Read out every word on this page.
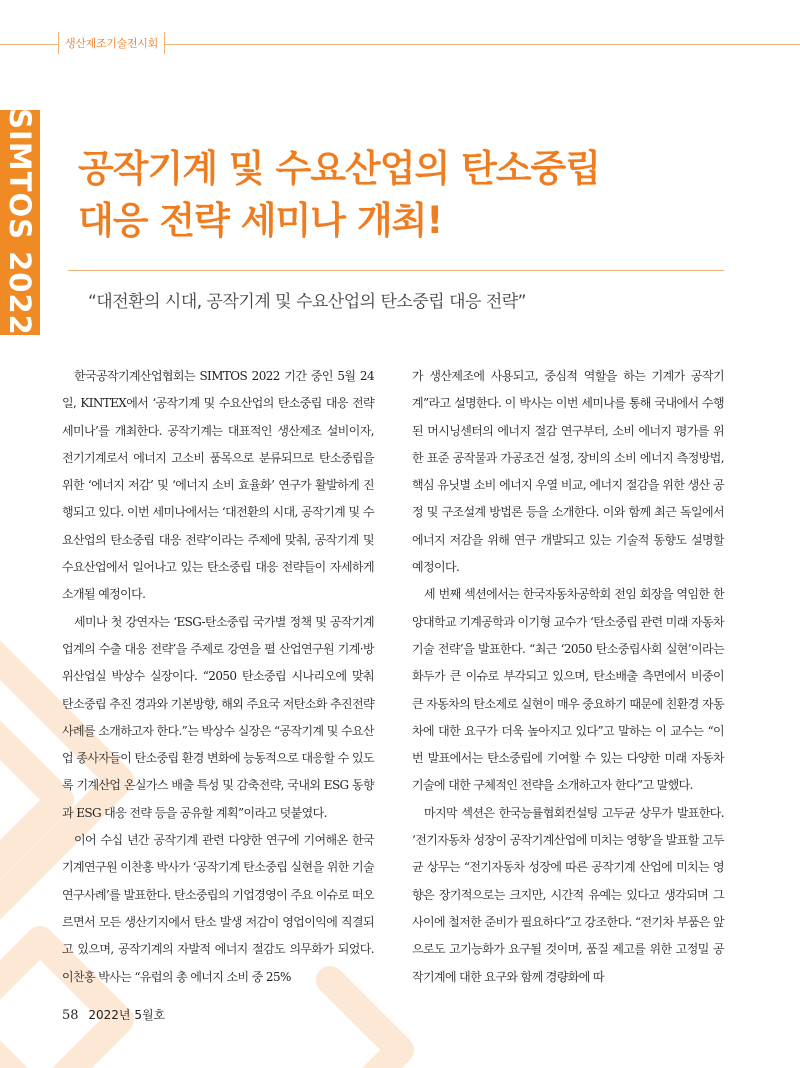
생산제조기술전시회
SIMTOS 2022 공작기계 및 수요산업의 탄소중립
대응 전략 세미나 개최!
“대전환의 시대, 공작기계 및 수요산업의 탄소중립 대응 전략”

한국공작기계산업협회는 SIMTOS 2022 기간 중인 5월 24일, KINTEX에서 ‘공작기계 및 수요산업의 탄소중립 대응 전략 세미나’를 개최한다. 공작기계는 대표적인 생산제조 설비이자, 전기기계로서 에너지 고소비 품목으로 분류되므로 탄소중립을 위한 ‘에너지 저감’ 및 ‘에너지 소비 효율화’ 연구가 활발하게 진행되고 있다. 이번 세미나에서는 ‘대전환의 시대, 공작기계 및 수요산업의 탄소중립 대응 전략’이라는 주제에 맞춰, 공작기계 및 수요산업에서 일어나고 있는 탄소중립 대응 전략들이 자세하게 소개될 예정이다.

세미나 첫 강연자는 ‘ESG-탄소중립 국가별 정책 및 공작기계 업계의 수출 대응 전략’을 주제로 강연을 펼 산업연구원 기계·방위산업실 박상수 실장이다. “2050 탄소중립 시나리오에 맞춰 탄소중립 추진 경과와 기본방향, 해외 주요국 저탄소화 추진전략 사례를 소개하고자 한다.”는 박상수 실장은 “공작기계 및 수요산업 종사자들이 탄소중립 환경 변화에 능동적으로 대응할 수 있도록 기계산업 온실가스 배출 특성 및 감축전략, 국내외 ESG 동향과 ESG 대응 전략 등을 공유할 계획”이라고 덧붙였다.

이어 수십 년간 공작기계 관련 다양한 연구에 기여해온 한국기계연구원 이찬홍 박사가 ‘공작기계 탄소중립 실현을 위한 기술 연구사례’를 발표한다. 탄소중립의 기업경영이 주요 이슈로 떠오르면서 모든 생산기지에서 탄소 발생 저감이 영업이익에 직결되고 있으며, 공작기계의 자발적 에너지 절감도 의무화가 되었다. 이찬홍 박사는 “유럽의 총 에너지 소비 중 25%

가 생산제조에 사용되고, 중심적 역할을 하는 기계가 공작기계”라고 설명한다. 이 박사는 이번 세미나를 통해 국내에서 수행된 머시닝센터의 에너지 절감 연구부터, 소비 에너지 평가를 위한 표준 공작물과 가공조건 설정, 장비의 소비 에너지 측정방법, 핵심 유닛별 소비 에너지 우열 비교, 에너지 절감을 위한 생산 공정 및 구조설계 방법론 등을 소개한다. 이와 함께 최근 독일에서 에너지 저감을 위해 연구 개발되고 있는 기술적 동향도 설명할 예정이다.

세 번째 섹션에서는 한국자동차공학회 전임 회장을 역임한 한양대학교 기계공학과 이기형 교수가 ‘탄소중립 관련 미래 자동차 기술 전략’을 발표한다. “최근 ‘2050 탄소중립사회 실현’이라는 화두가 큰 이슈로 부각되고 있으며, 탄소배출 측면에서 비중이 큰 자동차의 탄소제로 실현이 매우 중요하기 때문에 친환경 자동차에 대한 요구가 더욱 높아지고 있다”고 말하는 이 교수는 “이번 발표에서는 탄소중립에 기여할 수 있는 다양한 미래 자동차 기술에 대한 구체적인 전략을 소개하고자 한다”고 말했다.

마지막 섹션은 한국능률협회컨설팅 고두균 상무가 발표한다. ‘전기자동차 성장이 공작기계산업에 미치는 영향’을 발표할 고두균 상무는 “전기자동차 성장에 따른 공작기계 산업에 미치는 영향은 장기적으로는 크지만, 시간적 유예는 있다고 생각되며 그 사이에 철저한 준비가 필요하다”고 강조한다. “전기차 부품은 앞으로도 고기능화가 요구될 것이며, 품질 제고를 위한 고정밀 공작기계에 대한 요구와 함께 경량화에 따

58 2022년 5월호
